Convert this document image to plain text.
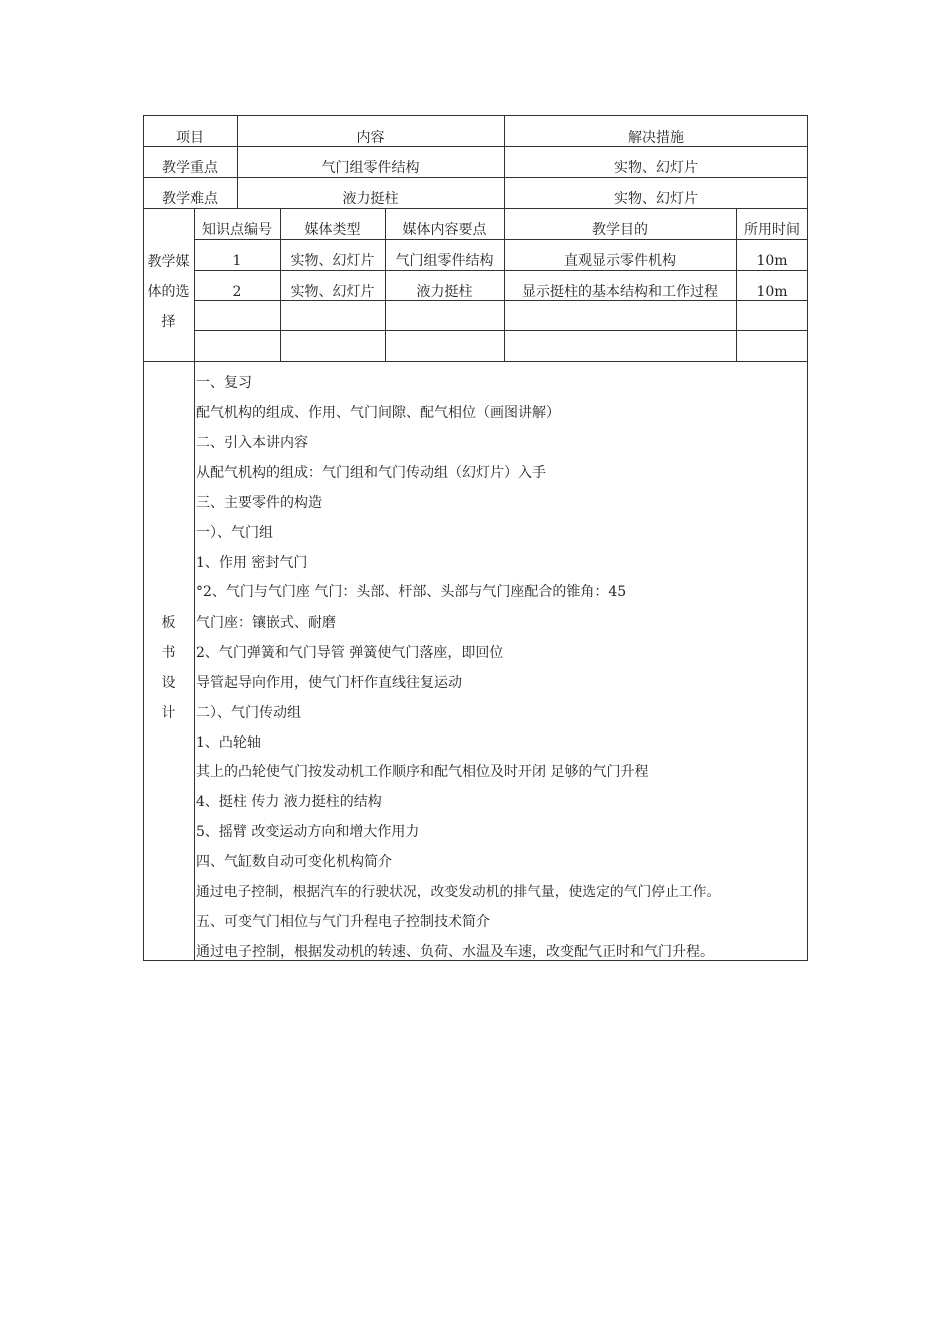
项目	内容	解决措施
教学重点	气门组零件结构	实物、幻灯片
教学难点	液力挺柱	实物、幻灯片
教学媒
体的选
择
知识点编号	媒体类型	媒体内容要点	教学目的	所用时间
1	实物、幻灯片	气门组零件结构	直观显示零件机构	10m
2	实物、幻灯片	液力挺柱	显示挺柱的基本结构和工作过程	10m
板
书
设
计
一、复习
配气机构的组成、作用、气门间隙、配气相位（画图讲解）
二、引入本讲内容
从配气机构的组成：气门组和气门传动组（幻灯片）入手
三、主要零件的构造
一）、气门组
1、作用 密封气门
°2、气门与气门座 气门：头部、杆部、头部与气门座配合的锥角：45
气门座：镶嵌式、耐磨
2、气门弹簧和气门导管 弹簧使气门落座，即回位
导管起导向作用，使气门杆作直线往复运动
二）、气门传动组
1、凸轮轴
其上的凸轮使气门按发动机工作顺序和配气相位及时开闭 足够的气门升程
4、挺柱 传力 液力挺柱的结构
5、摇臂 改变运动方向和增大作用力
四、气缸数自动可变化机构简介
通过电子控制，根据汽车的行驶状况，改变发动机的排气量，使选定的气门停止工作。
五、可变气门相位与气门升程电子控制技术简介
通过电子控制，根据发动机的转速、负荷、水温及车速，改变配气正时和气门升程。
